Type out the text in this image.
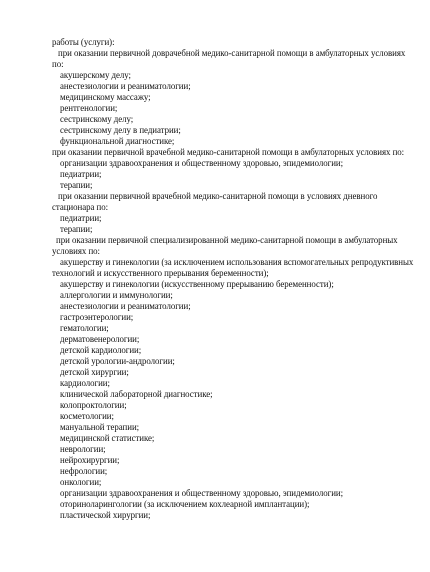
работы (услуги):
при оказании первичной доврачебной медико-санитарной помощи в амбулаторных условиях
по:
акушерскому делу;
анестезиологии и реаниматологии;
медицинскому массажу;
рентгенологии;
сестринскому делу;
сестринскому делу в педиатрии;
функциональной диагностике;
при оказании первичной врачебной медико-санитарной помощи в амбулаторных условиях по:
организации здравоохранения и общественному здоровью, эпидемиологии;
педиатрии;
терапии;
при оказании первичной врачебной медико-санитарной помощи в условиях дневного
стационара по:
педиатрии;
терапии;
при оказании первичной специализированной медико-санитарной помощи в амбулаторных
условиях по:
акушерству и гинекологии (за исключением использования вспомогательных репродуктивных
технологий и искусственного прерывания беременности);
акушерству и гинекологии (искусственному прерыванию беременности);
аллергологии и иммунологии;
анестезиологии и реаниматологии;
гастроэнтерологии;
гематологии;
дерматовенерологии;
детской кардиологии;
детской урологии-андрологии;
детской хирургии;
кардиологии;
клинической лабораторной диагностике;
колопроктологии;
косметологии;
мануальной терапии;
медицинской статистике;
неврологии;
нейрохирургии;
нефрологии;
онкологии;
организации здравоохранения и общественному здоровью, эпидемиологии;
оториноларингологии (за исключением кохлеарной имплантации);
пластической хирургии;
